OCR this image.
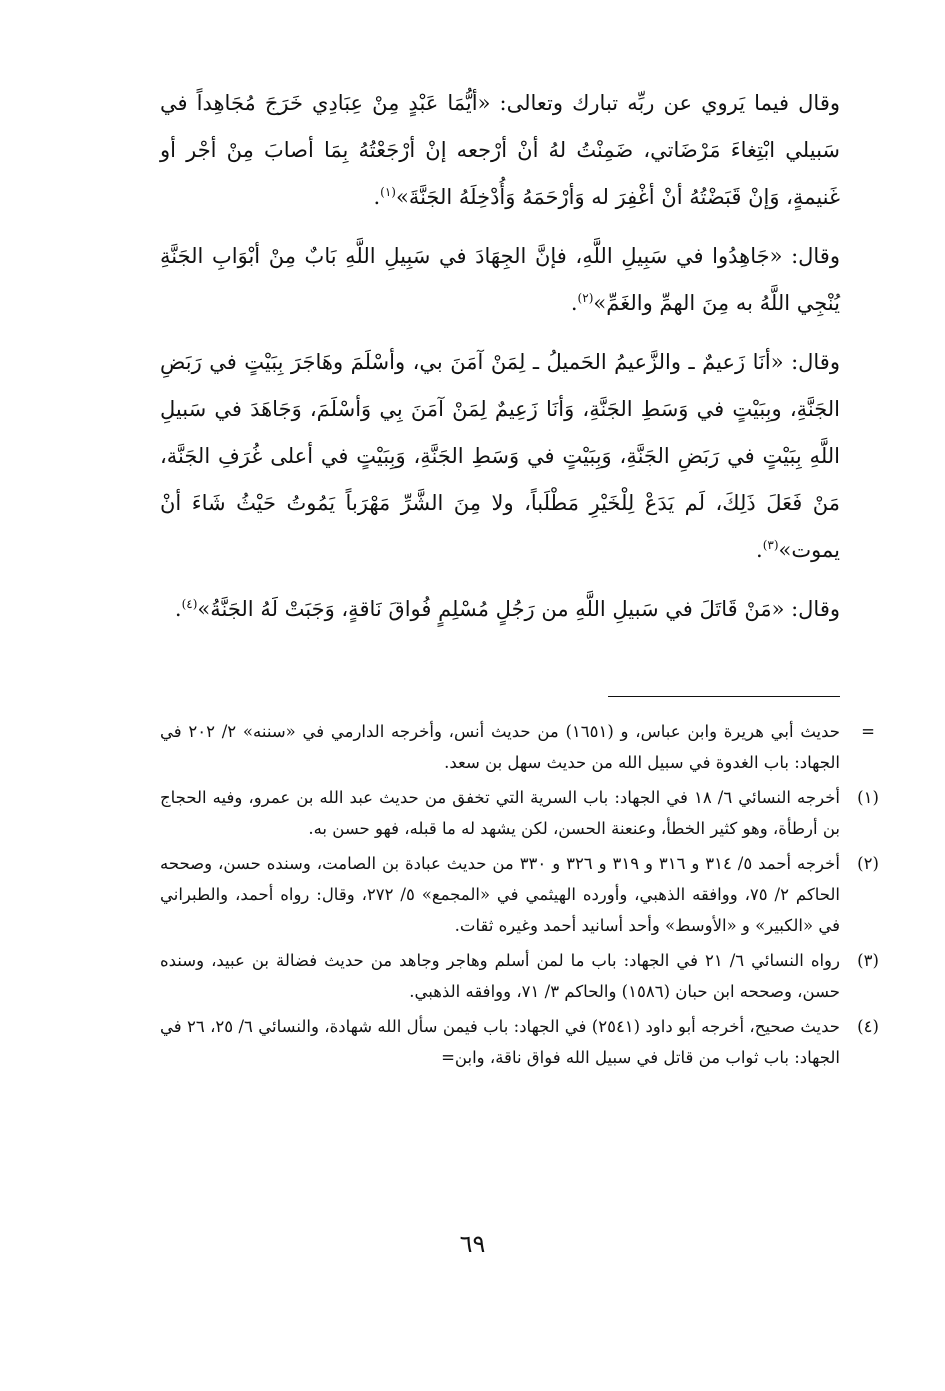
وقال فيما يَروي عن ربِّه تبارك وتعالى: «أيُّمَا عَبْدٍ مِنْ عِبَادِي خَرَجَ مُجَاهِداً في سَبيلي ابْتِغاءَ مَرْضَاتي، ضَمِنْتُ لهُ أنْ أرْجعه إنْ أرْجَعْتُهُ بِمَا أصابَ مِنْ أجْر أو غَنيمةٍ، وَإنْ قَبَضْتُهُ أنْ أغْفِرَ له وَأرْحَمَهُ وَأُدْخِلَهُ الجَنَّةَ»$^{(١)}$.

وقال: «جَاهِدُوا في سَبِيلِ اللَّهِ، فإنَّ الجِهَادَ في سَبِيلِ اللَّهِ بَابٌ مِنْ أبْوَابِ الجَنَّةِ يُنْجِي اللَّهُ به مِنَ الهمِّ والغَمِّ»$^{(٢)}$.

وقال: «أنَا زَعيمٌ ـ والزَّعيمُ الحَميلُ ـ لِمَنْ آمَنَ بي، وأسْلَمَ وهَاجَرَ بِبَيْتٍ في رَبَضِ الجَنَّةِ، وبِبَيْتٍ في وَسَطِ الجَنَّةِ، وَأنَا زَعِيمٌ لِمَنْ آمَنَ بِي وَأسْلَمَ، وَجَاهَدَ في سَبيلِ اللَّهِ بِبَيْتٍ في رَبَضِ الجَنَّةِ، وَبِبَيْتٍ في وَسَطِ الجَنَّةِ، وَبِبَيْتٍ في أعلى غُرَفِ الجَنَّة، مَنْ فَعَلَ ذَلِكَ، لَم يَدَعْ لِلْخَيْرِ مَطْلَباً، ولا مِنَ الشَّرِّ مَهْرَباً يَمُوتُ حَيْثُ شَاءَ أنْ يموت»$^{(٣)}$.

وقال: «مَنْ قَاتَلَ في سَبيلِ اللَّهِ من رَجُلٍ مُسْلِمٍ فُواقَ نَاقةٍ، وَجَبَتْ لَهُ الجَنَّةُ»$^{(٤)}$.

=
حديث أبي هريرة وابن عباس، و (١٦٥١) من حديث أنس، وأخرجه الدارمي في «سننه» ٢/ ٢٠٢ في الجهاد: باب الغدوة في سبيل الله من حديث سهل بن سعد.

(١)
أخرجه النسائي ٦/ ١٨ في الجهاد: باب السرية التي تخفق من حديث عبد الله بن عمرو، وفيه الحجاج بن أرطأة، وهو كثير الخطأ، وعنعنة الحسن، لكن يشهد له ما قبله، فهو حسن به.

(٢)
أخرجه أحمد ٥/ ٣١٤ و ٣١٦ و ٣١٩ و ٣٢٦ و ٣٣٠ من حديث عبادة بن الصامت، وسنده حسن، وصححه الحاكم ٢/ ٧٥، ووافقه الذهبي، وأورده الهيثمي في «المجمع» ٥/ ٢٧٢، وقال: رواه أحمد، والطبراني في «الكبير» و «الأوسط» وأحد أسانيد أحمد وغيره ثقات.

(٣)
رواه النسائي ٦/ ٢١ في الجهاد: باب ما لمن أسلم وهاجر وجاهد من حديث فضالة بن عبيد، وسنده حسن، وصححه ابن حبان (١٥٨٦) والحاكم ٣/ ٧١، ووافقه الذهبي.

(٤)
حديث صحيح، أخرجه أبو داود (٢٥٤١) في الجهاد: باب فيمن سأل الله شهادة، والنسائي ٦/ ٢٥، ٢٦ في الجهاد: باب ثواب من قاتل في سبيل الله فواق ناقة، وابن=

٦٩
